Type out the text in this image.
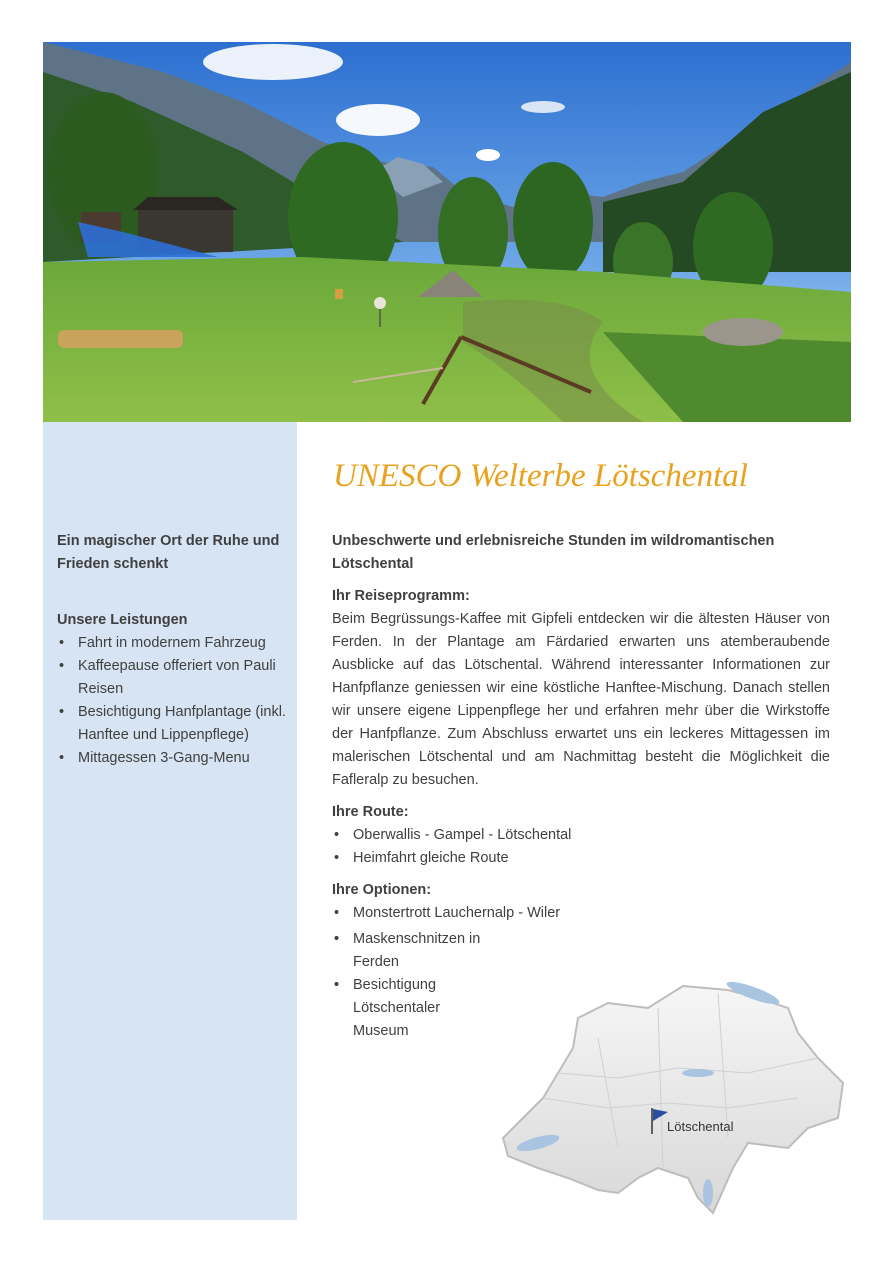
Ein magischer Ort der Ruhe und Frieden schenkt
Unsere Leistungen
• Fahrt in modernem Fahrzeug
• Kaffeepause offeriert von Pauli Reisen
• Besichtigung Hanfplantage (inkl. Hanftee und Lippenpflege)
• Mittagessen 3-Gang-Menu
UNESCO Welterbe Lötschental

Unbeschwerte und erlebnisreiche Stunden im wildromantischen Lötschental

Ihr Reiseprogramm:

Beim Begrüssungs-Kaffee mit Gipfeli entdecken wir die ältesten Häuser von Ferden. In der Plantage am Färdaried erwarten uns atemberaubende Ausblicke auf das Lötschental. Während interessanter Informationen zur Hanfpflanze geniessen wir eine köstliche Hanftee-Mischung. Danach stellen wir unsere eigene Lippenpflege her und erfahren mehr über die Wirkstoffe der Hanfpflanze. Zum Abschluss erwartet uns ein leckeres Mittagessen im malerischen Lötschental und am Nachmittag besteht die Möglichkeit die Fafleralp zu besuchen.

Ihre Route:

• Oberwallis - Gampel - Lötschental
• Heimfahrt gleiche Route

Ihre Optionen:

• Monstertrott Lauchernalp - Wiler
• • Maskenschnitzen in Ferden
• • Besichtigung Lötschentaler Museum
Lötschental
